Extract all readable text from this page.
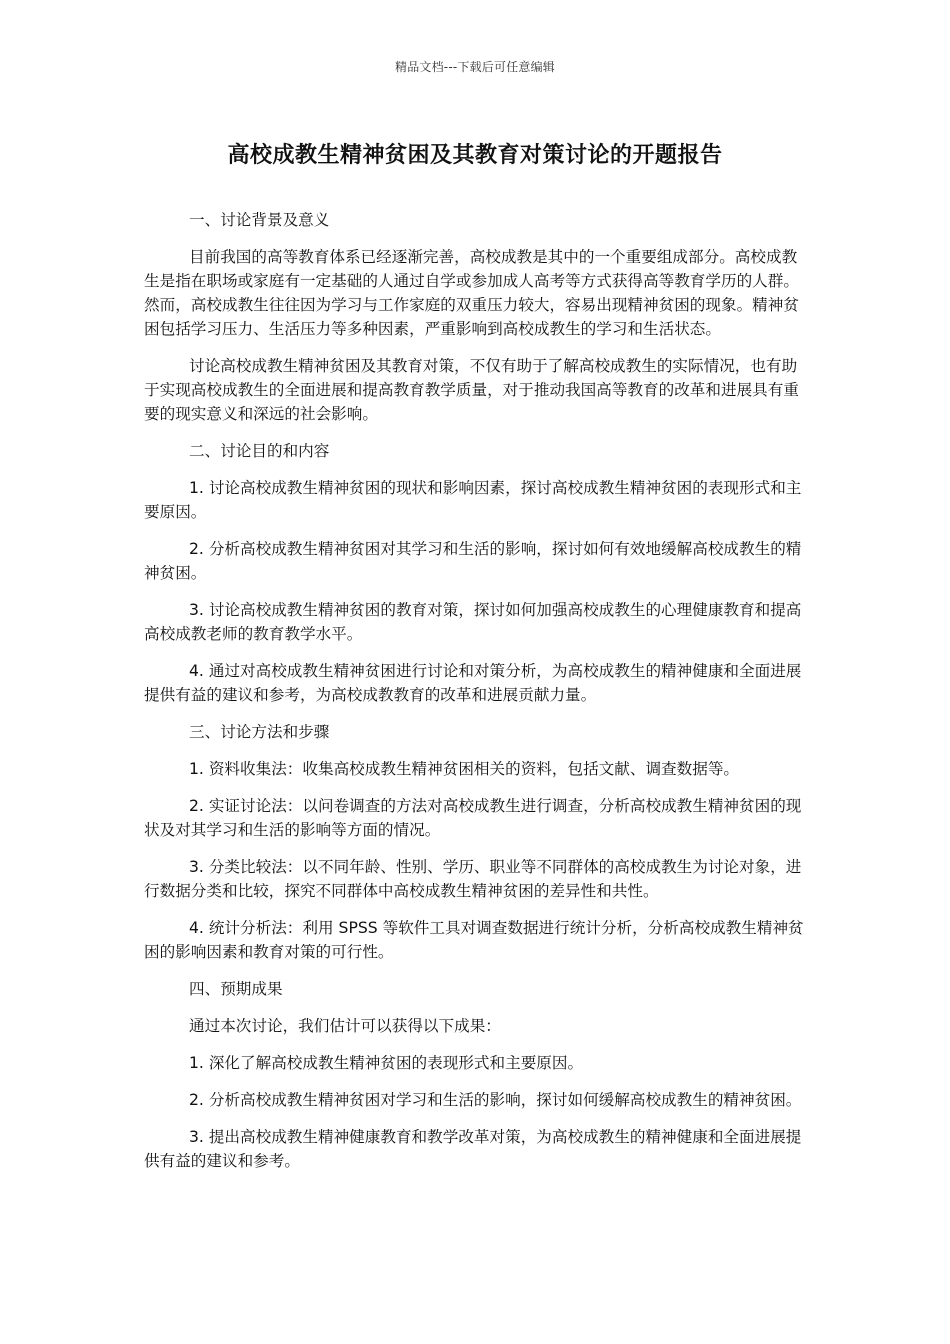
精品文档---下载后可任意编辑
高校成教生精神贫困及其教育对策讨论的开题报告
一、讨论背景及意义

目前我国的高等教育体系已经逐渐完善，高校成教是其中的一个重要组成部分。高校成教生是指在职场或家庭有一定基础的人通过自学或参加成人高考等方式获得高等教育学历的人群。然而，高校成教生往往因为学习与工作家庭的双重压力较大，容易出现精神贫困的现象。精神贫困包括学习压力、生活压力等多种因素，严重影响到高校成教生的学习和生活状态。

讨论高校成教生精神贫困及其教育对策，不仅有助于了解高校成教生的实际情况，也有助于实现高校成教生的全面进展和提高教育教学质量，对于推动我国高等教育的改革和进展具有重要的现实意义和深远的社会影响。

二、讨论目的和内容

1. 讨论高校成教生精神贫困的现状和影响因素，探讨高校成教生精神贫困的表现形式和主要原因。

2. 分析高校成教生精神贫困对其学习和生活的影响，探讨如何有效地缓解高校成教生的精神贫困。

3. 讨论高校成教生精神贫困的教育对策，探讨如何加强高校成教生的心理健康教育和提高高校成教老师的教育教学水平。

4. 通过对高校成教生精神贫困进行讨论和对策分析，为高校成教生的精神健康和全面进展提供有益的建议和参考，为高校成教教育的改革和进展贡献力量。

三、讨论方法和步骤

1. 资料收集法：收集高校成教生精神贫困相关的资料，包括文献、调查数据等。

2. 实证讨论法：以问卷调查的方法对高校成教生进行调查，分析高校成教生精神贫困的现状及对其学习和生活的影响等方面的情况。

3. 分类比较法：以不同年龄、性别、学历、职业等不同群体的高校成教生为讨论对象，进行数据分类和比较，探究不同群体中高校成教生精神贫困的差异性和共性。

4. 统计分析法：利用 SPSS 等软件工具对调查数据进行统计分析，分析高校成教生精神贫困的影响因素和教育对策的可行性。

四、预期成果

通过本次讨论，我们估计可以获得以下成果：

1. 深化了解高校成教生精神贫困的表现形式和主要原因。

2. 分析高校成教生精神贫困对学习和生活的影响，探讨如何缓解高校成教生的精神贫困。

3. 提出高校成教生精神健康教育和教学改革对策，为高校成教生的精神健康和全面进展提供有益的建议和参考。
